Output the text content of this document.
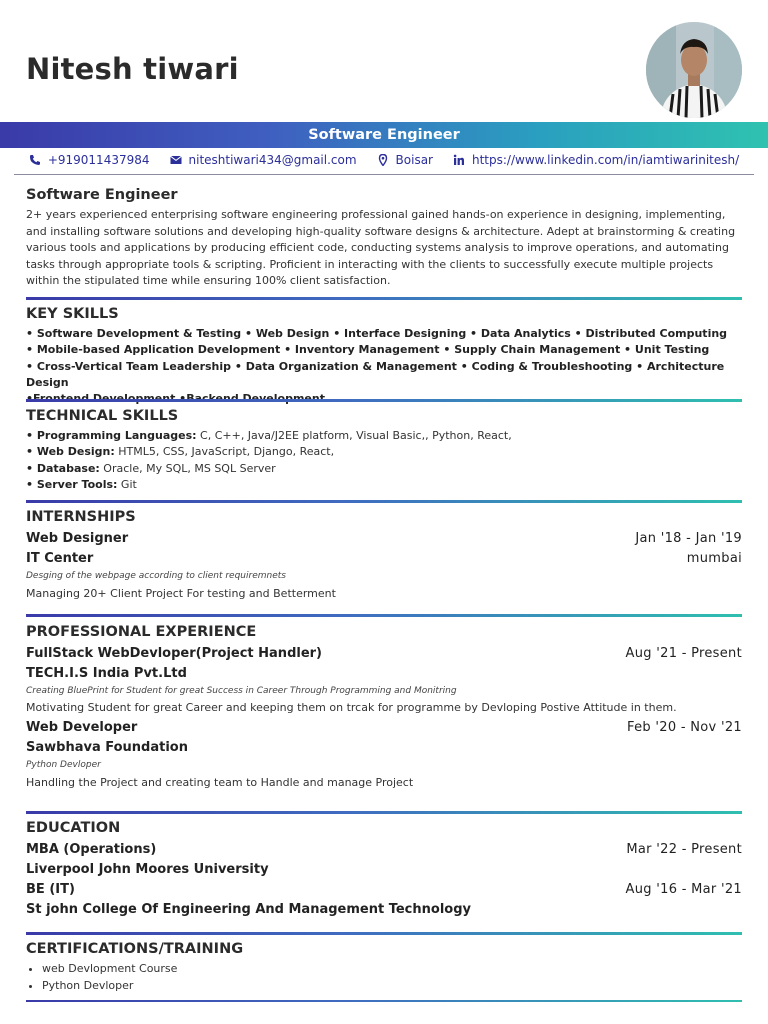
Nitesh tiwari
Software Engineer
+919011437984	niteshtiwari434@gmail.com	Boisar	https://www.linkedin.com/in/iamtiwarinitesh/
Software Engineer
2+ years experienced enterprising software engineering professional gained hands-on experience in designing, implementing, and installing software solutions and developing high-quality software designs & architecture. Adept at brainstorming & creating various tools and applications by producing efficient code, conducting systems analysis to improve operations, and automating tasks through appropriate tools & scripting. Proficient in interacting with the clients to successfully execute multiple projects within the stipulated time while ensuring 100% client satisfaction.
KEY SKILLS
• Software Development & Testing • Web Design • Interface Designing • Data Analytics • Distributed Computing
• Mobile-based Application Development • Inventory Management • Supply Chain Management • Unit Testing
• Cross-Vertical Team Leadership • Data Organization & Management • Coding & Troubleshooting • Architecture Design
TECHNICAL SKILLS
• Programming Languages: C, C++, Java/J2EE platform, Visual Basic,, Python, React,
• Web Design: HTML5, CSS, JavaScript, Django, React,
• Database: Oracle, My SQL, MS SQL Server
• Server Tools: Git
INTERNSHIPS
Web Designer	Jan '18 - Jan '19
IT Center	mumbai
Desging of the webpage according to client requiremnets
Managing 20+ Client Project For testing and Betterment
PROFESSIONAL EXPERIENCE
FullStack WebDevloper(Project Handler)	Aug '21 - Present
TECH.I.S India Pvt.Ltd
Creating BluePrint for Student for great Success in Career Through Programming and Monitring
Motivating Student for great Career and keeping them on trcak for programme by Devloping Postive Attitude in them.
Web Developer	Feb '20 - Nov '21
Sawbhava Foundation
Python Devloper
Handling the Project and creating team to Handle and manage Project
EDUCATION
MBA (Operations)	Mar '22 - Present
Liverpool John Moores University
BE (IT)	Aug '16 - Mar '21
St john College Of Engineering And Management Technology
CERTIFICATIONS/TRAINING
• web Devlopment Course
• Python Devloper
